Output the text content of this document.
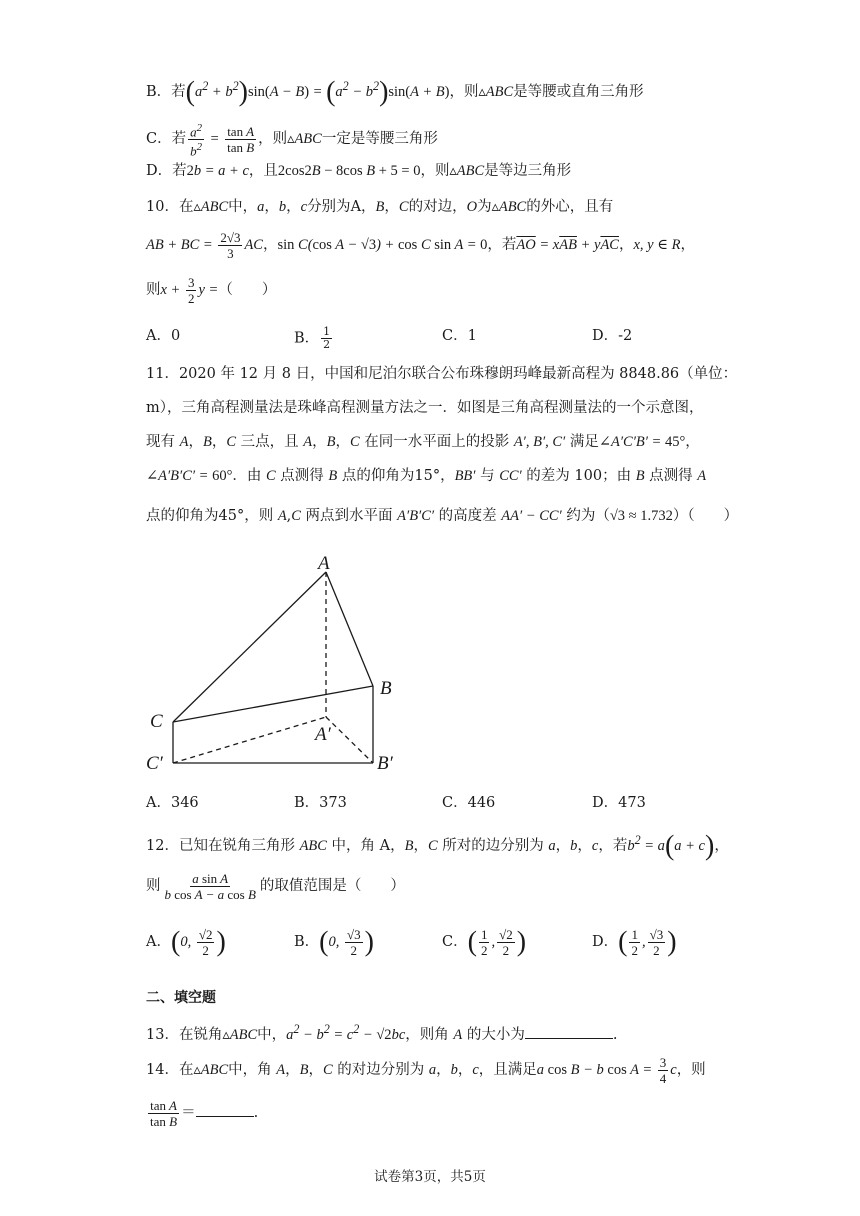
B．若$(a^2 + b^2)\sin(A - B) = (a^2 - b^2)\sin(A + B)$，则▵ABC是等腰或直角三角形
C．若 $\frac{a^2}{b^2} = \frac{\text{tan A}}{\text{tan B}}$ ，则▵ABC一定是等腰三角形
D．若2b = a + c，且2cos2B − 8cos B + 5 = 0，则▵ABC是等边三角形
10．在▵ABC中，a，b，c分别为A，B，C的对边，O为▵ABC的外心，且有
AB + BC = $\frac{2√3}{3}$ AC，sin C(cos A − √3) + cos C sin A = 0，若$\overline{AO} = x\overline{AB} + y\overline{AC}$，x, y ∈ R，
则$x + \frac{3}{2}$ y =（　　）
A．0	B． $\frac{1}{2}$	C．1	D．-2
11．2020 年 12 月 8 日，中国和尼泊尔联合公布珠穆朗玛峰最新高程为 8848.86（单位：
m），三角高程测量法是珠峰高程测量方法之一．如图是三角高程测量法的一个示意图，
现有 A，B，C 三点，且 A，B，C 在同一水平面上的投影 A′, B′, C′ 满足∠A′C′B′ = 45°，
∠A′B′C′ = 60°．由 C 点测得 B 点的仰角为15°，BB′ 与 CC′ 的差为 100；由 B 点测得 A
点的仰角为45°，则 A,C 两点到水平面 A′B′C′ 的高度差 AA′ − CC′ 约为（√3 ≈ 1.732）（　　）
A
B
C
A′
B′
C′
A．346	B．373	C．446	D．473
12．已知在锐角三角形 ABC 中，角 A，B，C 所对的边分别为 a，b，c，若$b^2 = a(a + c)$，
则 $\frac{\text{a sin A}}{\text{b cos A − a cos B}}$ 的取值范围是（　　）
A．(0, $\frac{√2}{2}$ )	B．(0, $\frac{√3}{2}$ )	C．( $\frac{1}{2}$ , $\frac{√2}{2}$ )	D．( $\frac{1}{2}$ , $\frac{√3}{2}$ )
二、填空题
13．在锐角▵ABC中，$a^2 - b^2 = c^2 - √2bc$，则角 A 的大小为	.
14．在▵ABC中，角 A，B，C 的对边分别为 a，b，c，且满足a cos B − b $\cos A = \frac{3}{4}$ c，则
$\frac{\text{tan A}}{\text{tan B}}$ ＝	.
试卷第3页，共5页
